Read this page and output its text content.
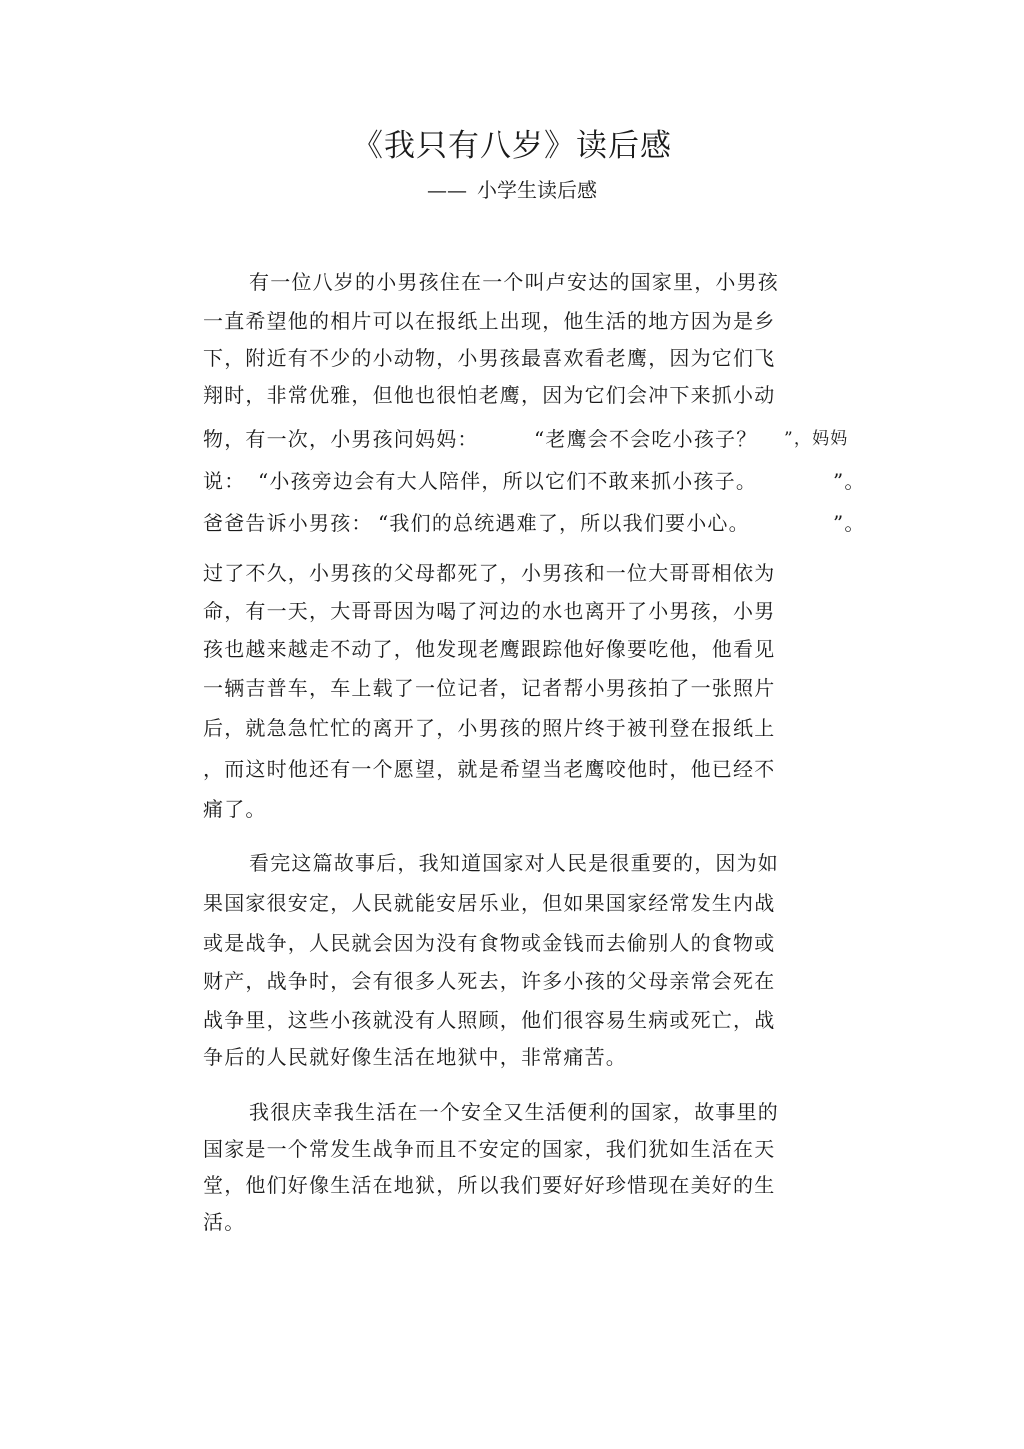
《我只有八岁》读后感
—— 小学生读后感
有一位八岁的小男孩住在一个叫卢安达的国家里，小男孩
一直希望他的相片可以在报纸上出现，他生活的地方因为是乡
下，附近有不少的小动物，小男孩最喜欢看老鹰，因为它们飞
翔时，非常优雅，但他也很怕老鹰，因为它们会冲下来抓小动
物，有一次，小男孩问妈妈：	“老鹰会不会吃小孩子？ ”，妈妈
说： “小孩旁边会有大人陪伴，所以它们不敢来抓小孩子。	”。
爸爸告诉小男孩： “我们的总统遇难了，所以我们要小心。	”。
过了不久，小男孩的父母都死了，小男孩和一位大哥哥相依为
命，有一天，大哥哥因为喝了河边的水也离开了小男孩，小男
孩也越来越走不动了，他发现老鹰跟踪他好像要吃他，他看见
一辆吉普车，车上载了一位记者，记者帮小男孩拍了一张照片
后，就急急忙忙的离开了，小男孩的照片终于被刊登在报纸上
，而这时他还有一个愿望，就是希望当老鹰咬他时，他已经不
痛了。
看完这篇故事后，我知道国家对人民是很重要的，因为如
果国家很安定，人民就能安居乐业，但如果国家经常发生内战
或是战争，人民就会因为没有食物或金钱而去偷别人的食物或
财产，战争时，会有很多人死去，许多小孩的父母亲常会死在
战争里，这些小孩就没有人照顾，他们很容易生病或死亡，战
争后的人民就好像生活在地狱中，非常痛苦。
我很庆幸我生活在一个安全又生活便利的国家，故事里的
国家是一个常发生战争而且不安定的国家，我们犹如生活在天
堂，他们好像生活在地狱，所以我们要好好珍惜现在美好的生
活。
